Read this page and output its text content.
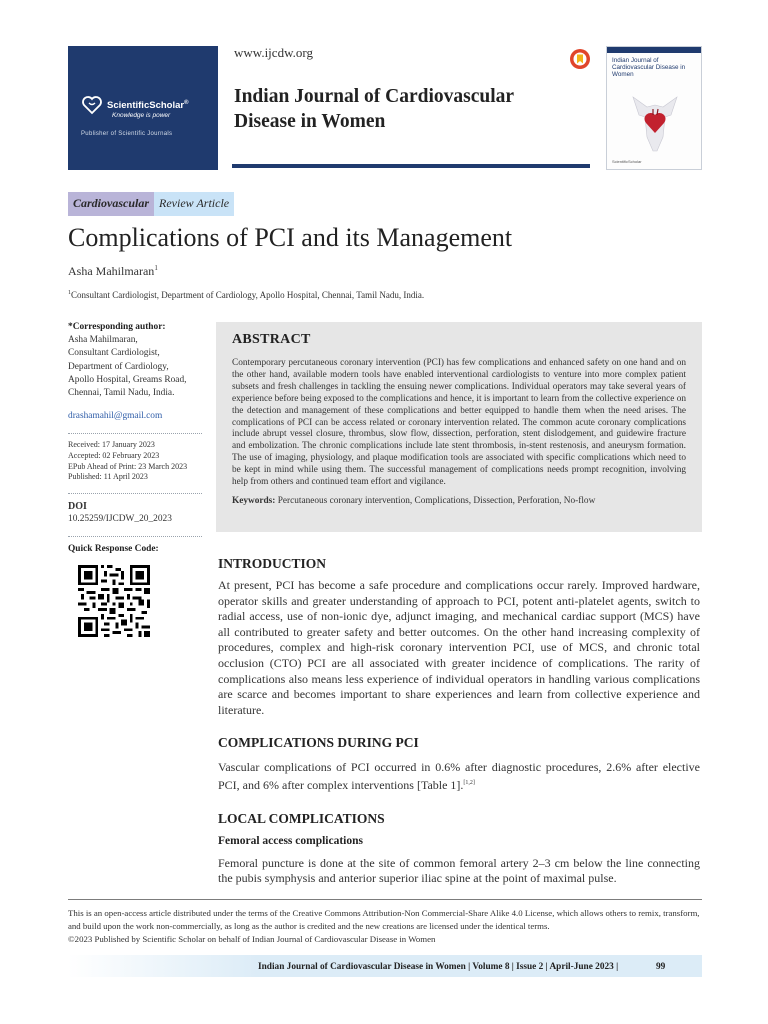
ScientificScholar®
Knowledge is power
Publisher of Scientific Journals
www.ijcdw.org
Indian Journal of Cardiovascular Disease in Women
Indian Journal of Cardiovascular Disease in Women
ScientificScholar
Cardiovascular Review Article
Complications of PCI and its Management
Asha Mahilmaran$^1$
$^1$Consultant Cardiologist, Department of Cardiology, Apollo Hospital, Chennai, Tamil Nadu, India.
*Corresponding author:
Asha Mahilmaran,
Consultant Cardiologist,
Department of Cardiology,
Apollo Hospital, Greams Road,
Chennai, Tamil Nadu, India.
drashamahil@gmail.com
Received: 17 January 2023
Accepted: 02 February 2023
EPub Ahead of Print: 23 March 2023
Published: 11 April 2023
DOI
10.25259/IJCDW_20_2023
Quick Response Code:
ABSTRACT
Contemporary percutaneous coronary intervention (PCI) has few complications and enhanced safety on one hand and on the other hand, available modern tools have enabled interventional cardiologists to venture into more complex patient subsets and fresh challenges in tackling the ensuing newer complications. Individual operators may take several years of experience before being exposed to the complications and hence, it is important to learn from the collective experience on the detection and management of these complications and better equipped to handle them when the need arises. The complications of PCI can be access related or coronary intervention related. The common acute coronary complications include abrupt vessel closure, thrombus, slow flow, dissection, perforation, stent dislodgement, and guidewire fracture and embolization. The chronic complications include late stent thrombosis, in-stent restenosis, and aneurysm formation. The use of imaging, physiology, and plaque modification tools are associated with specific complications which need to be kept in mind while using them. The successful management of complications needs prompt recognition, involving help from others and continued team effort and vigilance.
Keywords: Percutaneous coronary intervention, Complications, Dissection, Perforation, No-flow
INTRODUCTION
At present, PCI has become a safe procedure and complications occur rarely. Improved hardware, operator skills and greater understanding of approach to PCI, potent anti-platelet agents, switch to radial access, use of non-ionic dye, adjunct imaging, and mechanical cardiac support (MCS) have all contributed to greater safety and better outcomes. On the other hand increasing complexity of procedures, complex and high-risk coronary intervention PCI, use of MCS, and chronic total occlusion (CTO) PCI are all associated with greater incidence of complications. The rarity of complications also means less experience of individual operators in handling various complications are scarce and becomes important to share experiences and learn from collective experience and literature.
COMPLICATIONS DURING PCI
Vascular complications of PCI occurred in 0.6% after diagnostic procedures, 2.6% after elective PCI, and 6% after complex interventions [Table 1].[1,2]
LOCAL COMPLICATIONS
Femoral access complications
Femoral puncture is done at the site of common femoral artery 2–3 cm below the line connecting the pubis symphysis and anterior superior iliac spine at the point of maximal pulse.
This is an open-access article distributed under the terms of the Creative Commons Attribution-Non Commercial-Share Alike 4.0 License, which allows others to remix, transform, and build upon the work non-commercially, as long as the author is credited and the new creations are licensed under the identical terms.
©2023 Published by Scientific Scholar on behalf of Indian Journal of Cardiovascular Disease in Women
Indian Journal of Cardiovascular Disease in Women | Volume 8 | Issue 2 | April-June 2023 |	99
